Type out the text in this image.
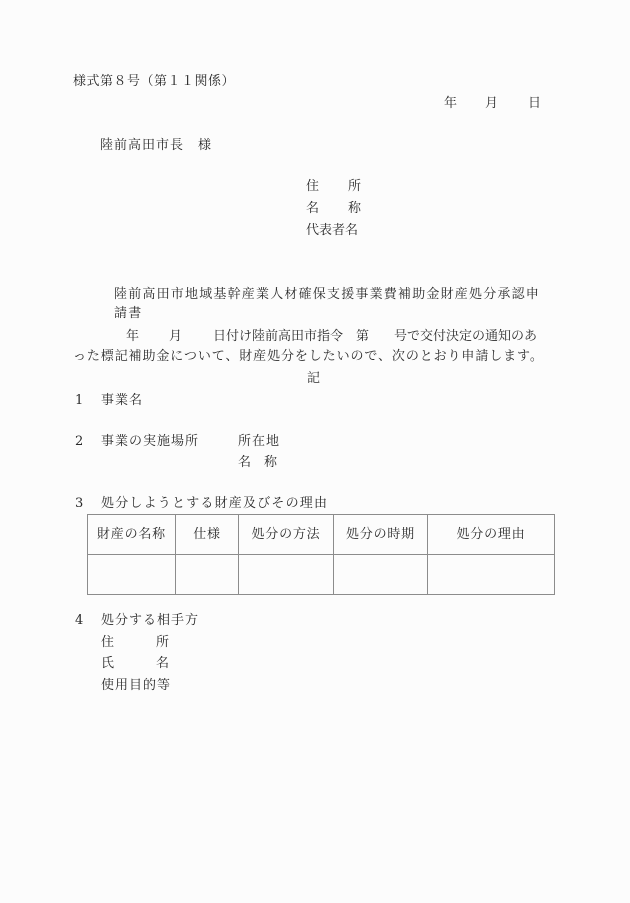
様式第８号（第１１関係）
年 月 日
陸前高田市長　様
住 所
名 称
代表者名
陸前高田市地域基幹産業人材確保支援事業費補助金財産処分承認申
請書
年 月 日付け陸前高田市指令　第 号で交付決定の通知のあ
った標記補助金について、財産処分をしたいので、次のとおり申請します。
記
1 事業名
2 事業の実施場所	所在地
名 称
3 処分しようとする財産及びその理由
財産の名称	仕様	処分の方法	処分の時期	処分の理由

4 処分する相手方
住	所
氏	名
使用目的等
